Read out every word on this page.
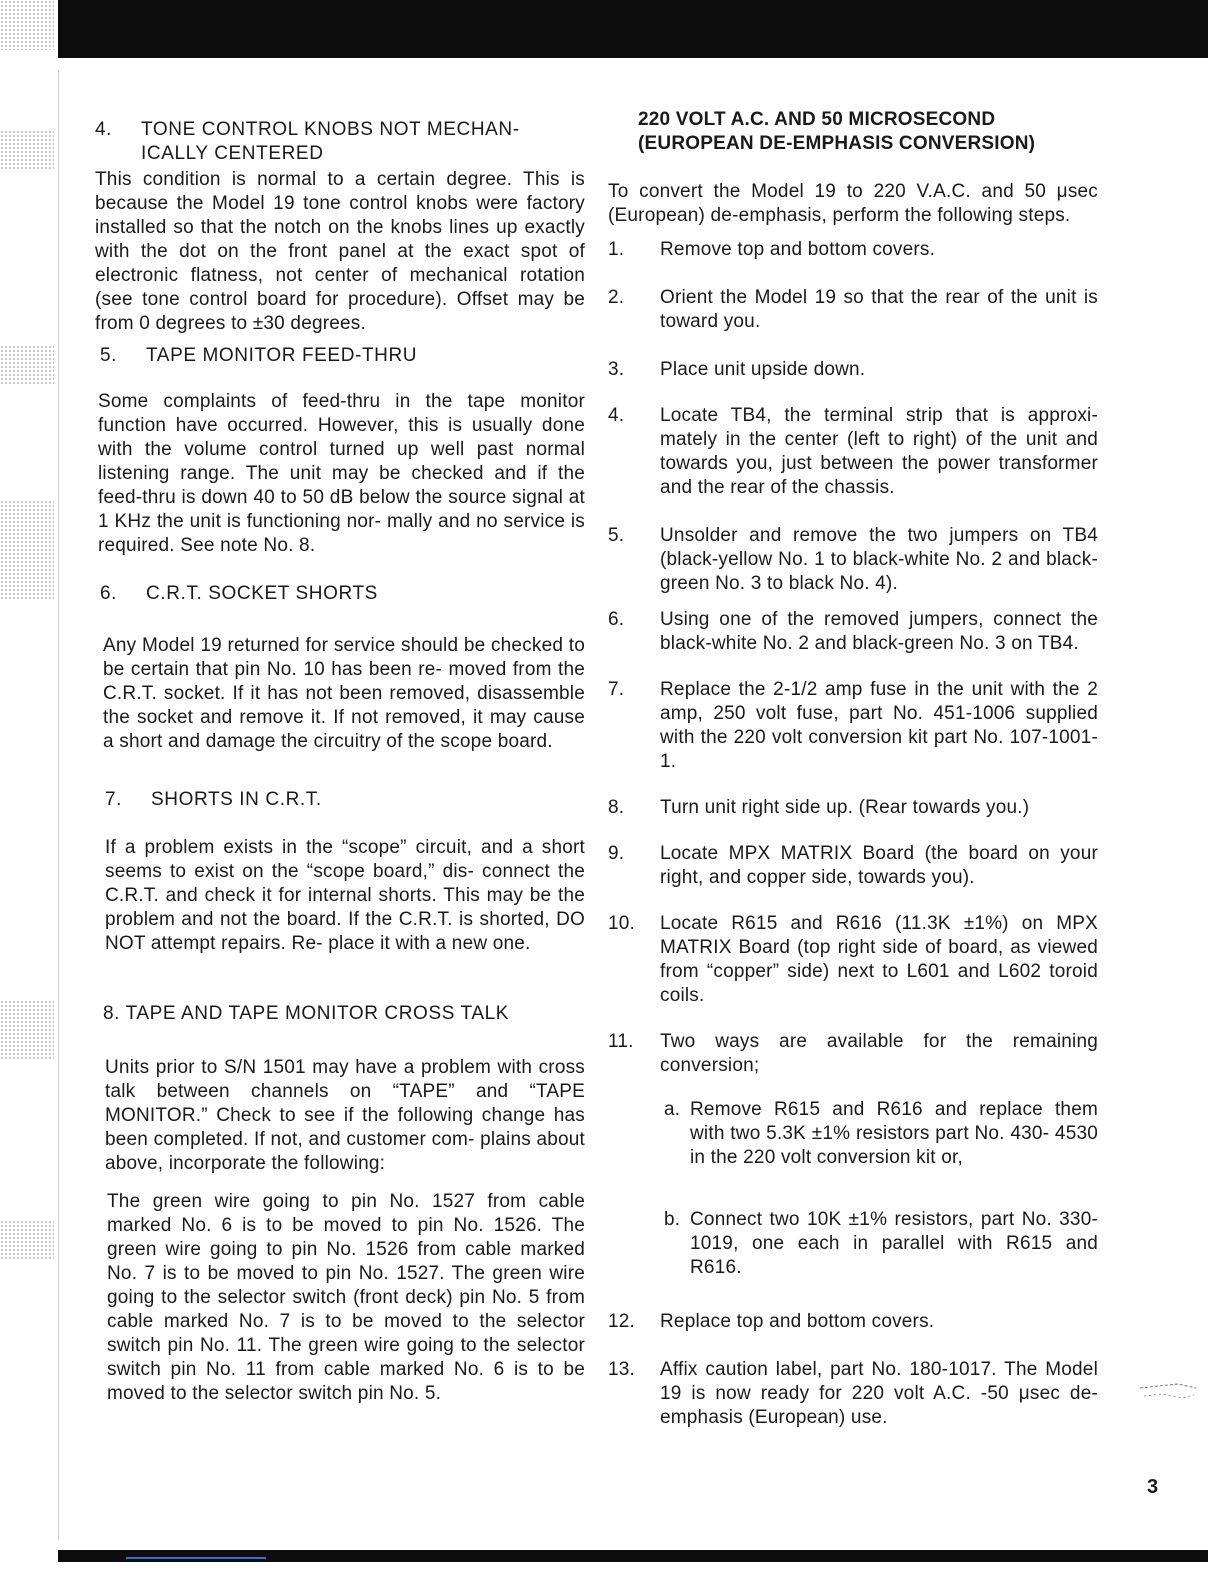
4. TONE CONTROL KNOBS NOT MECHAN- ICALLY CENTERED

This condition is normal to a certain degree. This is because the Model 19 tone control knobs were factory installed so that the notch on the knobs lines up exactly with the dot on the front panel at the exact spot of electronic flatness, not center of mechanical rotation (see tone control board for procedure). Offset may be from 0 degrees to ±30 degrees.

5. TAPE MONITOR FEED-THRU

Some complaints of feed-thru in the tape monitor function have occurred. However, this is usually done with the volume control turned up well past normal listening range. The unit may be checked and if the feed-thru is down 40 to 50 dB below the source signal at 1 KHz the unit is functioning nor- mally and no service is required. See note No. 8.

6. C.R.T. SOCKET SHORTS

Any Model 19 returned for service should be checked to be certain that pin No. 10 has been re- moved from the C.R.T. socket. If it has not been removed, disassemble the socket and remove it. If not removed, it may cause a short and damage the circuitry of the scope board.

7. SHORTS IN C.R.T.

If a problem exists in the “scope” circuit, and a short seems to exist on the “scope board,” dis- connect the C.R.T. and check it for internal shorts. This may be the problem and not the board. If the C.R.T. is shorted, DO NOT attempt repairs. Re- place it with a new one.

8. TAPE AND TAPE MONITOR CROSS TALK

Units prior to S/N 1501 may have a problem with cross talk between channels on “TAPE” and “TAPE MONITOR.” Check to see if the following change has been completed. If not, and customer com- plains about above, incorporate the following:

The green wire going to pin No. 1527 from cable marked No. 6 is to be moved to pin No. 1526. The green wire going to pin No. 1526 from cable marked No. 7 is to be moved to pin No. 1527. The green wire going to the selector switch (front deck) pin No. 5 from cable marked No. 7 is to be moved to the selector switch pin No. 11. The green wire going to the selector switch pin No. 11 from cable marked No. 6 is to be moved to the selector switch pin No. 5.

220 VOLT A.C. AND 50 MICROSECOND
(EUROPEAN DE-EMPHASIS CONVERSION)

To convert the Model 19 to 220 V.A.C. and 50 μsec (European) de-emphasis, perform the following steps.

1.	Remove top and bottom covers.
2.	Orient the Model 19 so that the rear of the unit is toward you.
3.	Place unit upside down.
4.	Locate TB4, the terminal strip that is approxi- mately in the center (left to right) of the unit and towards you, just between the power transformer and the rear of the chassis.
5.	Unsolder and remove the two jumpers on TB4 (black-yellow No. 1 to black-white No. 2 and black-green No. 3 to black No. 4).
6.	Using one of the removed jumpers, connect the black-white No. 2 and black-green No. 3 on TB4.
7.	Replace the 2-1/2 amp fuse in the unit with the 2 amp, 250 volt fuse, part No. 451-1006 supplied with the 220 volt conversion kit part No. 107-1001-1.
8.	Turn unit right side up. (Rear towards you.)
9.	Locate MPX MATRIX Board (the board on your right, and copper side, towards you).
10.	Locate R615 and R616 (11.3K ±1%) on MPX MATRIX Board (top right side of board, as viewed from “copper” side) next to L601 and L602 toroid coils.
11.	Two ways are available for the remaining conversion;
a. Remove R615 and R616 and replace them with two 5.3K ±1% resistors part No. 430- 4530 in the 220 volt conversion kit or,
b. Connect two 10K ±1% resistors, part No. 330-1019, one each in parallel with R615 and R616.
12.	Replace top and bottom covers.
13.	Affix caution label, part No. 180-1017. The Model 19 is now ready for 220 volt A.C. -50 μsec de-emphasis (European) use.
3
